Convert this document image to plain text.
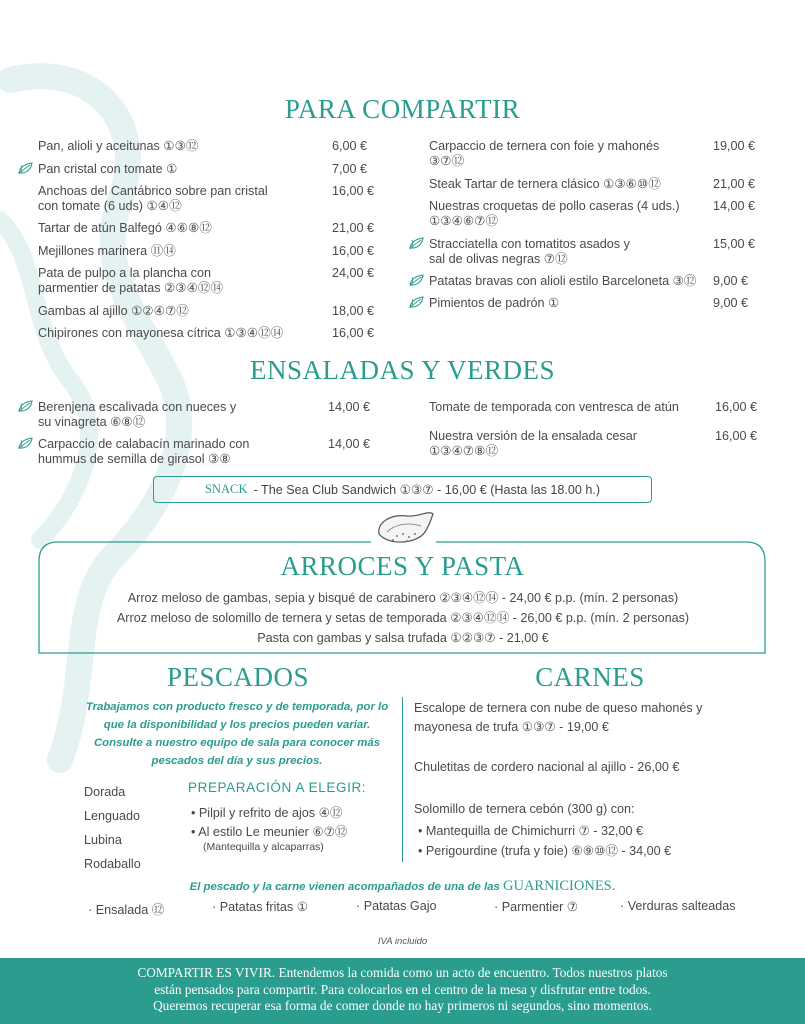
PARA COMPARTIR
Pan, alioli y aceitunas ①③⑫	6,00 €
Pan cristal con tomate ①	7,00 €
Anchoas del Cantábrico sobre pan cristal
con tomate (6 uds) ①④⑫
16,00 €
Tartar de atún Balfegó ④⑥⑧⑫	21,00 €
Mejillones marinera ⑪⑭	16,00 €
Pata de pulpo a la plancha con
parmentier de patatas ②③④⑫⑭
24,00 €
Gambas al ajillo ①②④⑦⑫	18,00 €
Chipirones con mayonesa cítrica ①③④⑫⑭	16,00 €
Carpaccio de ternera con foie y mahonés
③⑦⑫
19,00 €
Steak Tartar de ternera clásico ①③⑥⑩⑫	21,00 €
Nuestras croquetas de pollo caseras (4 uds.)
①③④⑥⑦⑫
14,00 €
Stracciatella con tomatitos asados y
sal de olivas negras ⑦⑫
15,00 €
Patatas bravas con alioli estilo Barceloneta ③⑫ 9,00 €
Pimientos de padrón ①	9,00 €
ENSALADAS Y VERDES
Berenjena escalivada con nueces y
su vinagreta ⑥⑧⑫
14,00 €
Carpaccio de calabacín marinado con
hummus de semilla de girasol ③⑧
14,00 €
Tomate de temporada con ventresca de atún	16,00 €
Nuestra versión de la ensalada cesar
①③④⑦⑧⑫
16,00 €
SNACK - The Sea Club Sandwich ①③⑦ - 16,00 € (Hasta las 18.00 h.)
ARROCES Y PASTA
Arroz meloso de gambas, sepia y bisqué de carabinero ②③④⑫⑭ - 24,00 € p.p. (mín. 2 personas)
Arroz meloso de solomillo de ternera y setas de temporada ②③④⑫⑭ - 26,00 € p.p. (mín. 2 personas)
Pasta con gambas y salsa trufada ①②③⑦ - 21,00 €
PESCADOS
Trabajamos con producto fresco y de temporada, por lo que la disponibilidad y los precios pueden variar. Consulte a nuestro equipo de sala para conocer más pescados del día y sus precios.
Dorada
Lenguado
Lubina
Rodaballo
PREPARACIÓN A ELEGIR:
• Pilpil y refrito de ajos ④⑫
• Al estilo Le meunier ⑥⑦⑫
(Mantequilla y alcaparras)
CARNES
Escalope de ternera con nube de queso mahonés y
mayonesa de trufa ①③⑦ - 19,00 €
Chuletitas de cordero nacional al ajillo - 26,00 €
Solomillo de ternera cebón (300 g) con:
• Mantequilla de Chimichurri ⑦ - 32,00 €
• Perigourdine (trufa y foie) ⑥⑨⑩⑫ - 34,00 €
El pescado y la carne vienen acompañados de una de las GUARNICIONES.
· Ensalada ⑫	· Patatas fritas ①	· Patatas Gajo	· Parmentier ⑦	· Verduras salteadas
IVA incluido
COMPARTIR ES VIVIR. Entendemos la comida como un acto de encuentro. Todos nuestros platos
están pensados para compartir. Para colocarlos en el centro de la mesa y disfrutar entre todos.
Queremos recuperar esa forma de comer donde no hay primeros ni segundos, sino momentos.
